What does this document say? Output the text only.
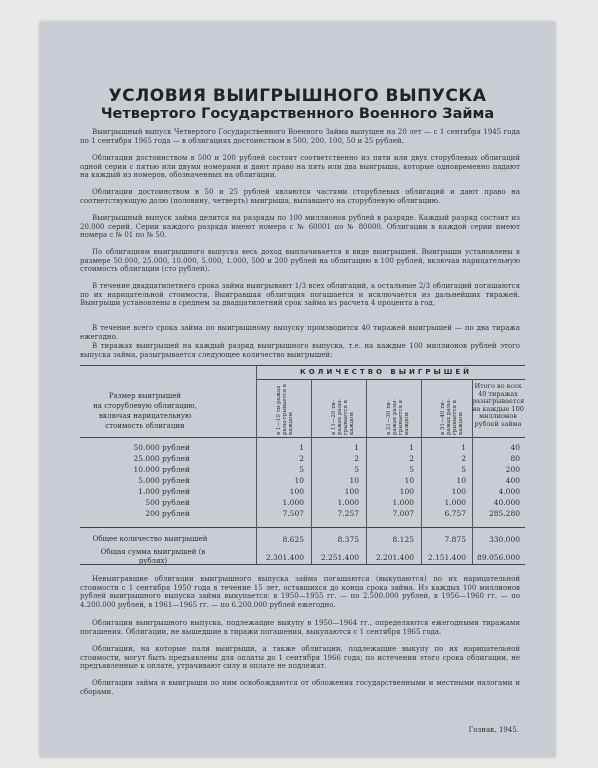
УСЛОВИЯ ВЫИГРЫШНОГО ВЫПУСКА
Четвертого Государственного Военного Займа
Выигрышный выпуск Четвертого Государственного Военного Займа выпущен на 20 лет — с 1 сентября 1945 года по 1 сентября 1965 года — в облигациях достоинством в 500, 200, 100, 50 и 25 рублей.
Облигации достоинством в 500 и 200 рублей состоят соответственно из пяти или двух сторублевых облигаций одной серии с пятью или двумя номерами и дают право на пять или два выигрыша, которые одновременно падают на каждый из номеров, обозначенных на облигации.
Облигации достоинством в 50 и 25 рублей являются частями сторублевых облигаций и дают право на соответствующую долю (половину, четверть) выигрыша, выпавшего на сторублевую облигацию.
Выигрышный выпуск займа делится на разряды по 100 миллионов рублей в разряде. Каждый разряд состоит из 20.000 серий. Серии каждого разряда имеют номера с № 60001 по № 80000. Облигации в каждой серии имеют номера с № 01 по № 50.
По облигациям выигрышного выпуска весь доход выплачивается в виде выигрышей. Выигрыши установлены в размере 50.000, 25.000, 10.000, 5.000, 1.000, 500 и 200 рублей на облигацию в 100 рублей, включая нарицательную стоимость облигации (сто рублей).
В течение двадцатилетнего срока займа выигрывают 1/3 всех облигаций, а остальные 2/3 облигаций погашаются по их нарицательной стоимости. Выигравшая облигация погашается и исключается из дальнейших тиражей. Выигрыши установлены в среднем за двадцатилетний срок займа из расчета 4 процента в год.
В течение всего срока займа по выигрышному выпуску производится 40 тиражей выигрышей — по два тиража ежегодно.
В тиражах выигрышей на каждый разряд выигрышного выпуска, т.е. на каждые 100 миллионов рублей этого выпуска займа, разыгрывается следующее количество выигрышей:
Размер выигрышей
на сторублевую облигацию,
включая нарицательную
стоимость облигации
КОЛИЧЕСТВО ВЫИГРЫШЕЙ
в 1—10 ти-ражах разы-грывается в каждом	в 11—20 ти-ражах разы-грывается в каждом	в 21—30 ти-ражах разы-грывается в каждом	в 31—40 ти-ражах разы-грывается в каждом
Итого во всех 40 тиражах разыгрывается на каждые 100 миллионов рублей займа
50.000 рублей	1	1	1	1	40
25.000 рублей	2	2	2	2	80
10.000 рублей	5	5	5	5	200
5.000 рублей	10	10	10	10	400
1.000 рублей	100	100	100	100	4.000
500 рублей	1.000	1.000	1.000	1.000	40.000
200 рублей	7.507	7.257	7.007	6.757	285.280
Общее количество выигрышей	8.625	8.375	8.125	7.875	330.000
Общая сумма выигрышей (в рублях)	2.301.400	2.251.400	2.201.400	2.151.400	89.056.000
Невыигравшие облигации выигрышного выпуска займа погашаются (выкупаются) по их нарицательной стоимости с 1 сентября 1950 года в течение 15 лет, оставшихся до конца срока займа. Из каждых 100 миллионов рублей выигрышного выпуска займа выкупается: в 1950—1955 гг. — по 2.500.000 рублей, в 1956—1960 гг. — по 4.200.000 рублей, в 1961—1965 гг. — по 6.200.000 рублей ежегодно.
Облигации выигрышного выпуска, подлежащие выкупу в 1950—1964 гг., определяются ежегодными тиражами погашения. Облигации, не вышедшие в тиражи погашения, выкупаются с 1 сентября 1965 года.
Облигации, на которые пали выигрыши, а также облигации, подлежащие выкупу по их нарицательной стоимости, могут быть предъявлены для оплаты до 1 сентября 1966 года; по истечении этого срока облигации, не предъявленные к оплате, утрачивают силу и оплате не подлежат.
Облигации займа и выигрыши по ним освобождаются от обложения государственными и местными налогами и сборами.
Гознак. 1945.
